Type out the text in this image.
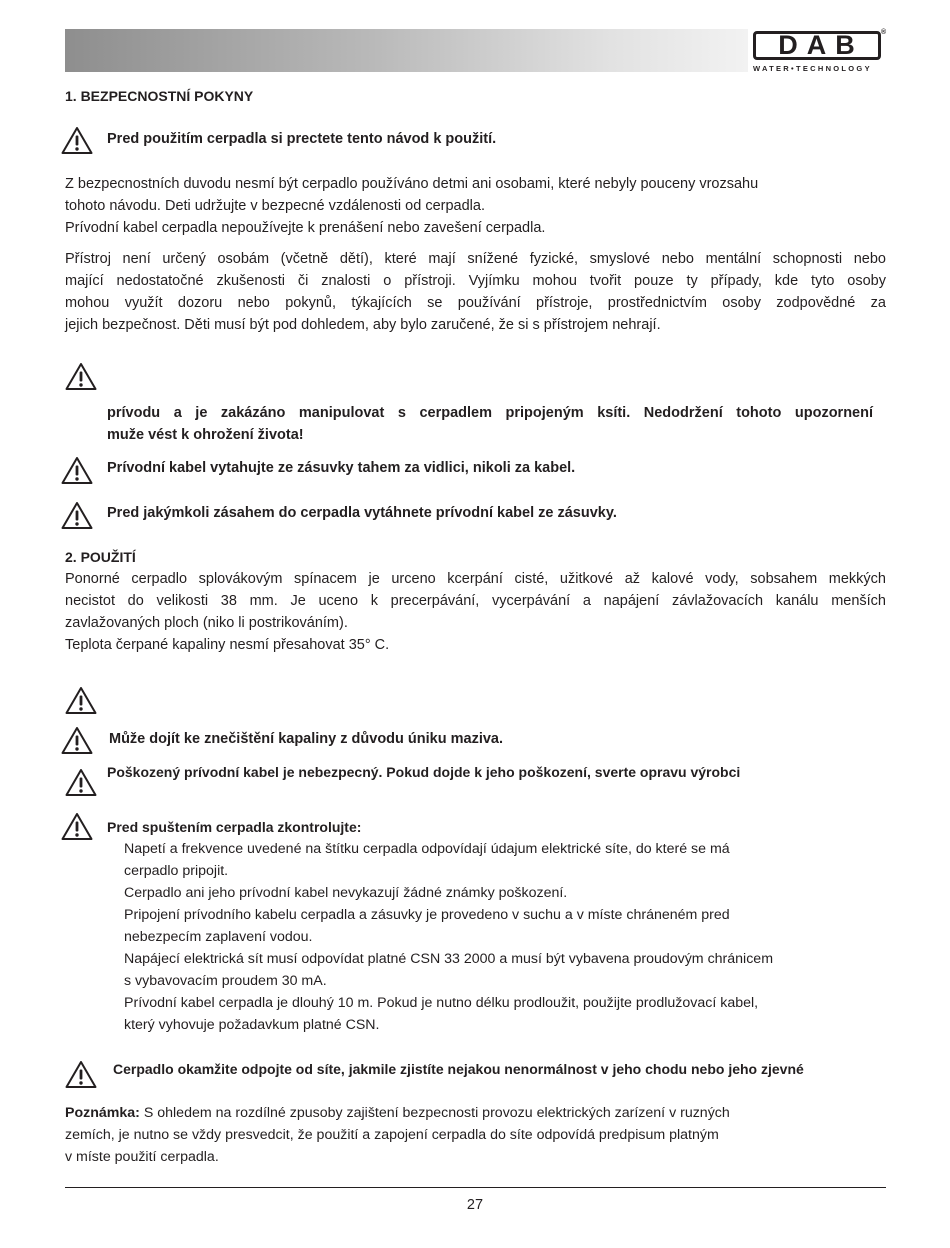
DAB	®
WATER•TECHNOLOGY
1. BEZPECNOSTNÍ POKYNY
Pred použitím cerpadla si prectete tento návod k použití.
Z bezpecnostních duvodu nesmí být cerpadlo používáno detmi ani osobami, které nebyly pouceny vrozsahu
tohoto návodu. Deti udržujte v bezpecné vzdálenosti od cerpadla.
Prívodní kabel cerpadla nepoužívejte k prenášení nebo zavešení cerpadla.
Přístroj není určený osobám (včetně dětí), které mají snížené fyzické, smyslové nebo mentální schopnosti nebo
mající nedostatočné zkušenosti či znalosti o přístroji. Vyjímku mohou tvořit pouze ty případy, kde tyto osoby
mohou využít dozoru nebo pokynů, týkajících se používání přístroje, prostřednictvím osoby zodpovědné za
jejich bezpečnost. Děti musí být pod dohledem, aby bylo zaručené, že si s přístrojem nehrají.
prívodu a je zakázáno manipulovat s cerpadlem pripojeným ksíti. Nedodržení tohoto upozornení
muže vést k ohrožení života!
Prívodní kabel vytahujte ze zásuvky tahem za vidlici, nikoli za kabel.
Pred jakýmkoli zásahem do cerpadla vytáhnete prívodní kabel ze zásuvky.
2. POUŽITÍ
Ponorné cerpadlo splovákovým spínacem je urceno kcerpání cisté, užitkové až kalové vody, sobsahem mekkých
necistot do velikosti 38 mm. Je uceno k precerpávání, vycerpávání a napájení závlažovacích kanálu menších
zavlažovaných ploch (niko li postrikováním).
Teplota čerpané kapaliny nesmí přesahovat 35° C.
Může dojít ke znečištění kapaliny z důvodu úniku maziva.
Poškozený prívodní kabel je nebezpecný. Pokud dojde k jeho poškození, sverte opravu výrobci
Pred spuštením cerpadla zkontrolujte:
Napetí a frekvence uvedené na štítku cerpadla odpovídají údajum elektrické síte, do které se má
cerpadlo pripojit.
Cerpadlo ani jeho prívodní kabel nevykazují žádné známky poškození.
Pripojení prívodního kabelu cerpadla a zásuvky je provedeno v suchu a v míste chráneném pred
nebezpecím zaplavení vodou.
Napájecí elektrická sít musí odpovídat platné CSN 33 2000 a musí být vybavena proudovým chránicem
s vybavovacím proudem 30 mA.
Prívodní kabel cerpadla je dlouhý 10 m. Pokud je nutno délku prodloužit, použijte prodlužovací kabel,
který vyhovuje požadavkum platné CSN.
Cerpadlo okamžite odpojte od síte, jakmile zjistíte nejakou nenormálnost v jeho chodu nebo jeho zjevné
Poznámka: S ohledem na rozdílné zpusoby zajištení bezpecnosti provozu elektrických zarízení v ruzných
zemích, je nutno se vždy presvedcit, že použití a zapojení cerpadla do síte odpovídá predpisum platným
v míste použití cerpadla.
27
